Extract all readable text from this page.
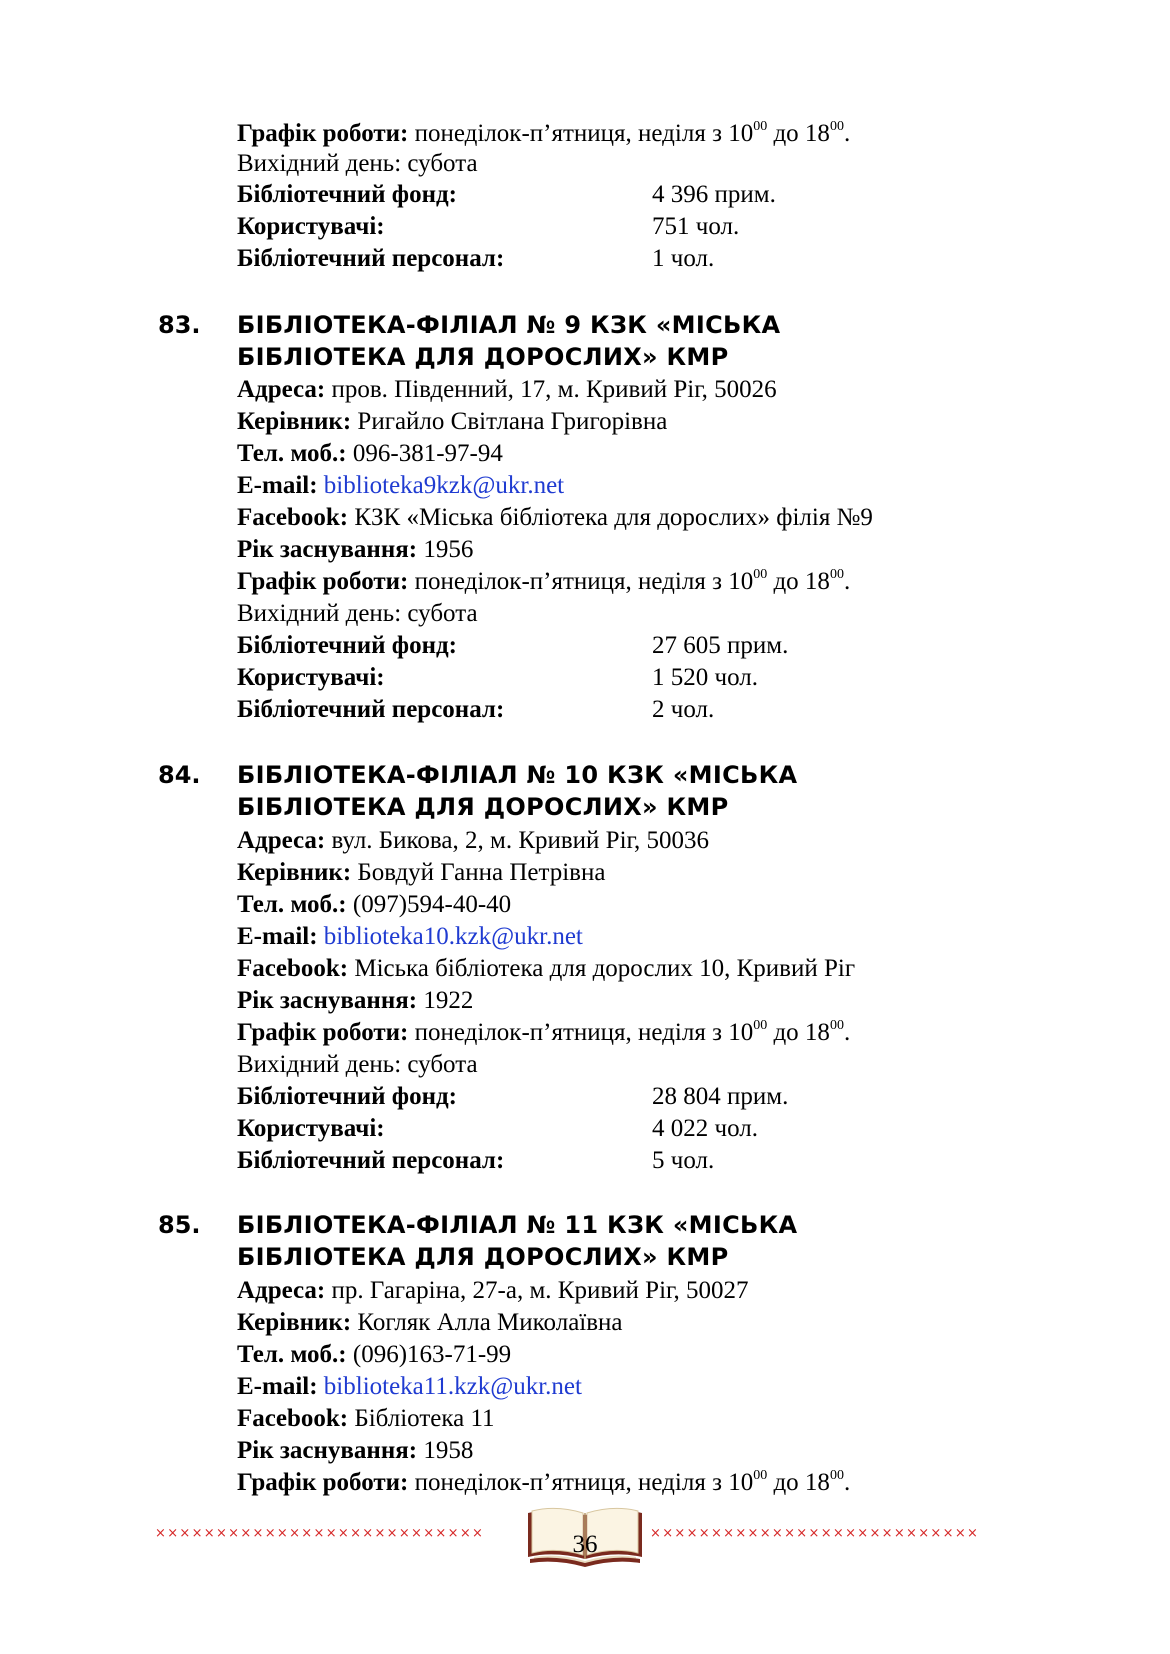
Графік роботи: понеділок-п’ятниця, неділя з $10^{00}$ до $18^{00}$.
Вихідний день: субота
Бібліотечний фонд:	4 396 прим.
Користувачі:	751 чол.
Бібліотечний персонал:	1 чол.
83. БІБЛІОТЕКА-ФІЛІАЛ № 9 КЗК «МІСЬКА
БІБЛІОТЕКА ДЛЯ ДОРОСЛИХ» КМР
Адреса: пров. Південний, 17, м. Кривий Ріг, 50026
Керівник: Ригайло Світлана Григорівна
Тел. моб.: 096-381-97-94
E-mail: biblioteka9kzk@ukr.net
Facebook: КЗК «Міська бібліотека для дорослих» філія №9
Рік заснування: 1956
Графік роботи: понеділок-п’ятниця, неділя з $10^{00}$ до $18^{00}$.
Вихідний день: субота
Бібліотечний фонд:	27 605 прим.
Користувачі:	1 520 чол.
Бібліотечний персонал:	2 чол.
84. БІБЛІОТЕКА-ФІЛІАЛ № 10 КЗК «МІСЬКА
БІБЛІОТЕКА ДЛЯ ДОРОСЛИХ» КМР
Адреса: вул. Бикова, 2, м. Кривий Ріг, 50036
Керівник: Бовдуй Ганна Петрівна
Тел. моб.: (097)594-40-40
E-mail: biblioteka10.kzk@ukr.net
Facebook: Міська бібліотека для дорослих 10, Кривий Ріг
Рік заснування: 1922
Графік роботи: понеділок-п’ятниця, неділя з $10^{00}$ до $18^{00}$.
Вихідний день: субота
Бібліотечний фонд:	28 804 прим.
Користувачі:	4 022 чол.
Бібліотечний персонал:	5 чол.
85. БІБЛІОТЕКА-ФІЛІАЛ № 11 КЗК «МІСЬКА
БІБЛІОТЕКА ДЛЯ ДОРОСЛИХ» КМР
Адреса: пр. Гагаріна, 27-а, м. Кривий Ріг, 50027
Керівник: Когляк Алла Миколаївна
Тел. моб.: (096)163-71-99
E-mail: biblioteka11.kzk@ukr.net
Facebook: Бібліотека 11
Рік заснування: 1958
Графік роботи: понеділок-п’ятниця, неділя з $10^{00}$ до $18^{00}$.
×××××××××××××××××××××××××××	×××××××××××××××××××××××××××
36
